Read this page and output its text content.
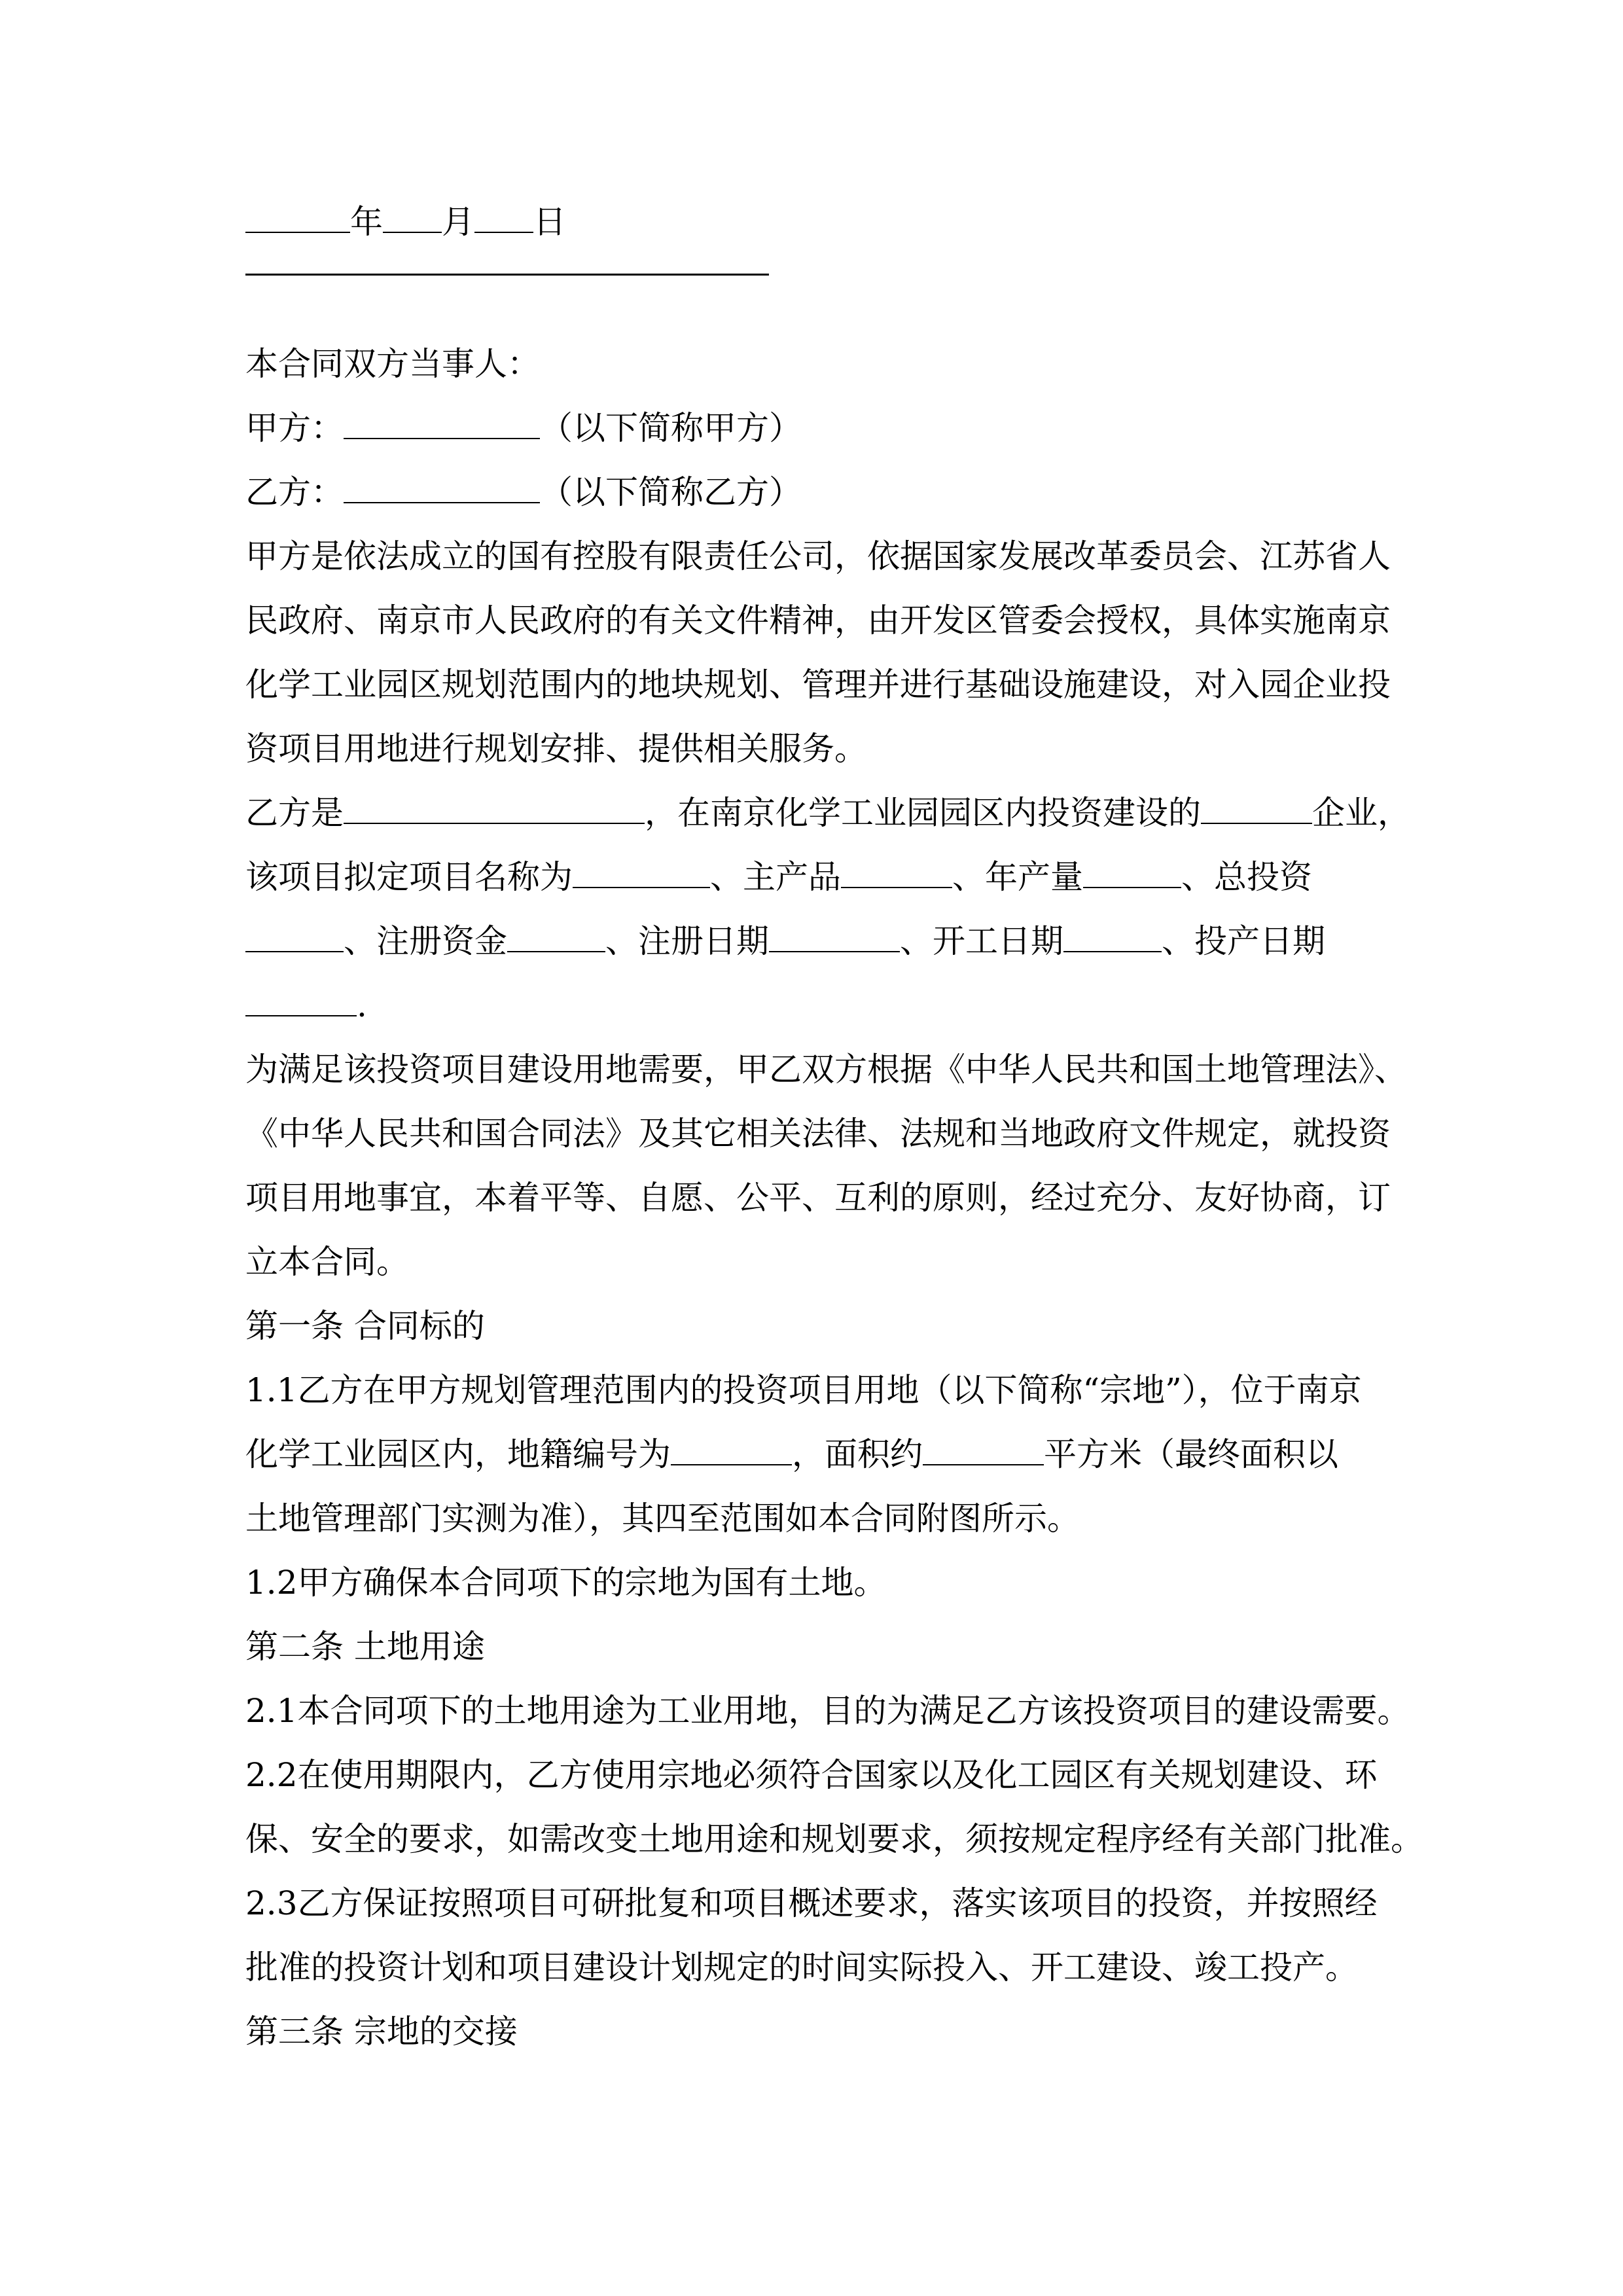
年 月 日
本合同双方当事人：
甲方：	（以下简称甲方）
乙方：	（以下简称乙方）
甲方是依法成立的国有控股有限责任公司，依据国家发展改革委员会、江苏省人
民政府、南京市人民政府的有关文件精神，由开发区管委会授权，具体实施南京
化学工业园区规划范围内的地块规划、管理并进行基础设施建设，对入园企业投
资项目用地进行规划安排、提供相关服务。
乙方是	，在南京化学工业园园区内投资建设的	企业，
该项目拟定项目名称为	、主产品	、年产量	、总投资
、注册资金	、注册日期	、开工日期	、投产日期
.
为满足该投资项目建设用地需要，甲乙双方根据《中华人民共和国土地管理法》、
《中华人民共和国合同法》及其它相关法律、法规和当地政府文件规定，就投资
项目用地事宜，本着平等、自愿、公平、互利的原则，经过充分、友好协商，订
立本合同。
第一条 合同标的
1.1乙方在甲方规划管理范围内的投资项目用地（以下简称“宗地”），位于南京
化学工业园区内，地籍编号为	，面积约	平方米（最终面积以
土地管理部门实测为准），其四至范围如本合同附图所示。
1.2甲方确保本合同项下的宗地为国有土地。
第二条 土地用途
2.1本合同项下的土地用途为工业用地，目的为满足乙方该投资项目的建设需要。
2.2在使用期限内，乙方使用宗地必须符合国家以及化工园区有关规划建设、环
保、安全的要求，如需改变土地用途和规划要求，须按规定程序经有关部门批准。
2.3乙方保证按照项目可研批复和项目概述要求，落实该项目的投资，并按照经
批准的投资计划和项目建设计划规定的时间实际投入、开工建设、竣工投产。
第三条 宗地的交接
